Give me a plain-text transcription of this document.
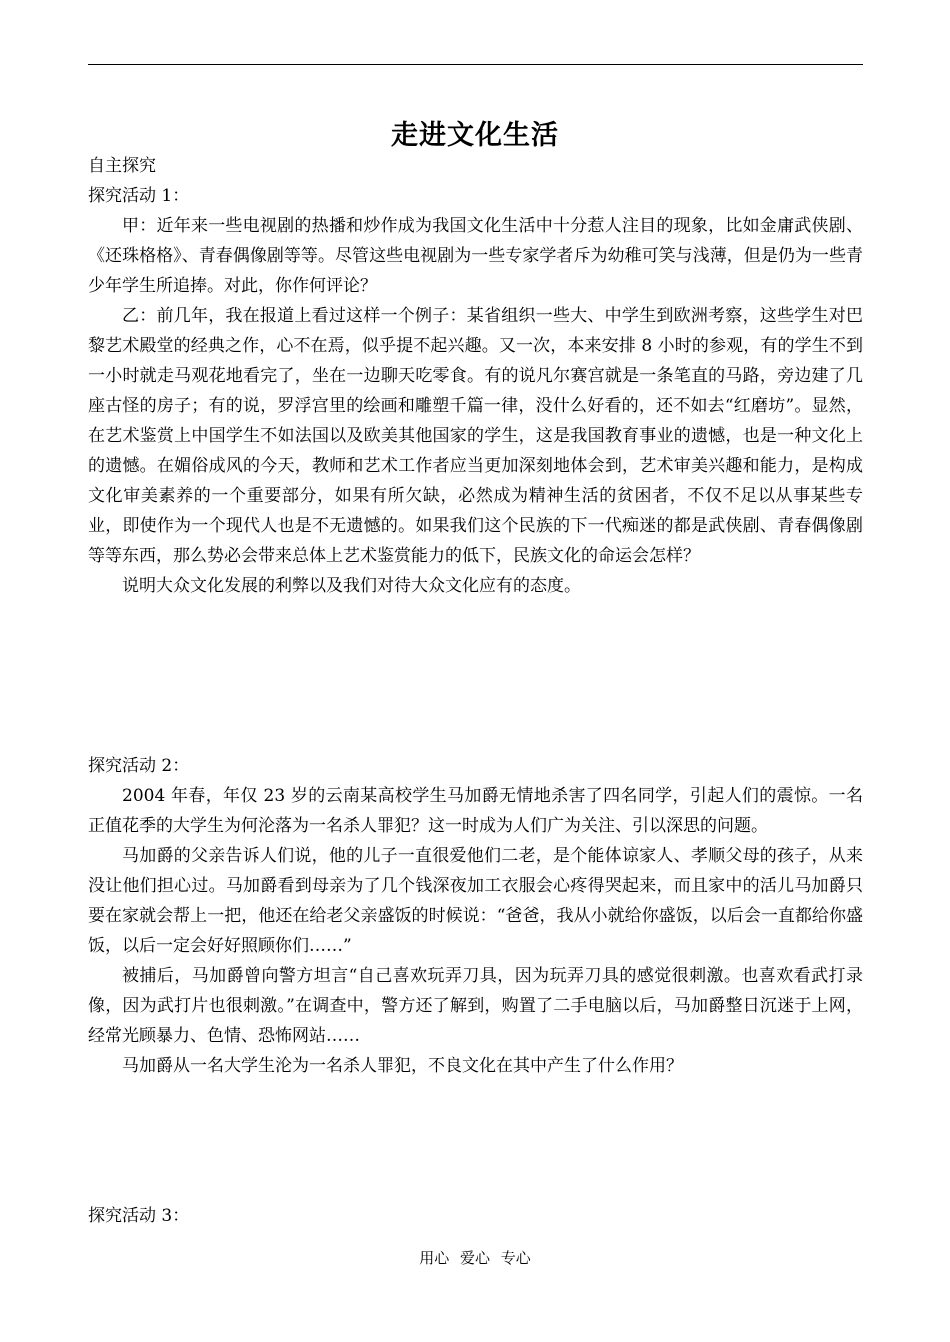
走进文化生活

自主探究

探究活动 1：

甲：近年来一些电视剧的热播和炒作成为我国文化生活中十分惹人注目的现象，比如金庸武侠剧、《还珠格格》、青春偶像剧等等。尽管这些电视剧为一些专家学者斥为幼稚可笑与浅薄，但是仍为一些青少年学生所追捧。对此，你作何评论？

乙：前几年，我在报道上看过这样一个例子：某省组织一些大、中学生到欧洲考察，这些学生对巴黎艺术殿堂的经典之作，心不在焉，似乎提不起兴趣。又一次，本来安排 8 小时的参观，有的学生不到一小时就走马观花地看完了，坐在一边聊天吃零食。有的说凡尔赛宫就是一条笔直的马路，旁边建了几座古怪的房子；有的说，罗浮宫里的绘画和雕塑千篇一律，没什么好看的，还不如去“红磨坊”。显然，在艺术鉴赏上中国学生不如法国以及欧美其他国家的学生，这是我国教育事业的遗憾，也是一种文化上的遗憾。在媚俗成风的今天，教师和艺术工作者应当更加深刻地体会到，艺术审美兴趣和能力，是构成文化审美素养的一个重要部分，如果有所欠缺，必然成为精神生活的贫困者，不仅不足以从事某些专业，即使作为一个现代人也是不无遗憾的。如果我们这个民族的下一代痴迷的都是武侠剧、青春偶像剧等等东西，那么势必会带来总体上艺术鉴赏能力的低下，民族文化的命运会怎样？

说明大众文化发展的利弊以及我们对待大众文化应有的态度。

探究活动 2：

2004 年春，年仅 23 岁的云南某高校学生马加爵无情地杀害了四名同学，引起人们的震惊。一名正值花季的大学生为何沦落为一名杀人罪犯？这一时成为人们广为关注、引以深思的问题。

马加爵的父亲告诉人们说，他的儿子一直很爱他们二老，是个能体谅家人、孝顺父母的孩子，从来没让他们担心过。马加爵看到母亲为了几个钱深夜加工衣服会心疼得哭起来，而且家中的活儿马加爵只要在家就会帮上一把，他还在给老父亲盛饭的时候说：“爸爸，我从小就给你盛饭，以后会一直都给你盛饭，以后一定会好好照顾你们……”

被捕后，马加爵曾向警方坦言“自己喜欢玩弄刀具，因为玩弄刀具的感觉很刺激。也喜欢看武打录像，因为武打片也很刺激。”在调查中，警方还了解到，购置了二手电脑以后，马加爵整日沉迷于上网，经常光顾暴力、色情、恐怖网站……

马加爵从一名大学生沦为一名杀人罪犯，不良文化在其中产生了什么作用？

探究活动 3：

用心 爱心 专心
